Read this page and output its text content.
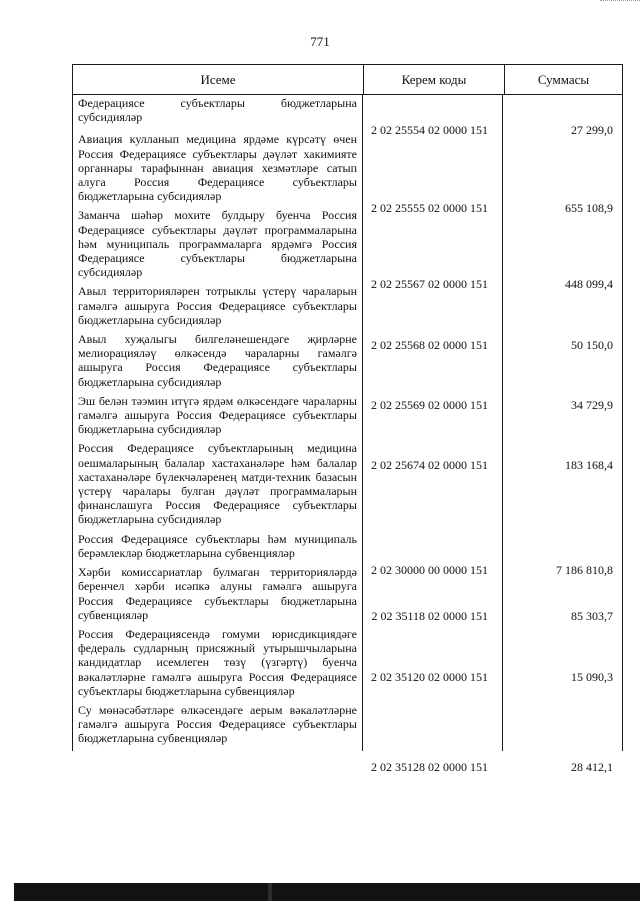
771
Исеме	Керем коды	Суммасы
Федерациясе субъектлары бюджетларына субсидияләр
Авиация кулланып медицина ярдәме күрсәтү өчен Россия Федерациясе субъектлары дәүләт хакимияте органнары тарафыннан авиация хезмәтләре сатып алуга Россия Федерациясе субъектлары бюджетларына субсидияләр
Заманча шәһәр мохите булдыру буенча Россия Федерациясе субъектлары дәүләт программаларына һәм муниципаль программаларга ярдәмгә Россия Федерациясе субъектлары бюджетларына субсидияләр
Авыл территорияләрен тотрыклы үстерү чараларын гамәлгә ашыруга Россия Федерациясе субъектлары бюджетларына субсидияләр
Авыл хуҗалыгы билгеләнешендәге җирләрне мелиорацияләү өлкәсендә чараларны гамәлгә ашыруга Россия Федерациясе субъектлары бюджетларына субсидияләр
Эш белән тәэмин итүгә ярдәм өлкәсендәге чараларны гамәлгә ашыруга Россия Федерациясе субъектлары бюджетларына субсидияләр
Россия Федерациясе субъектларының медицина оешмаларының балалар хастаханәләре һәм балалар хастаханәләре бүлекчәләренең матди-техник базасын үстерү чаралары булган дәүләт программаларын финанслашуга Россия Федерациясе субъектлары бюджетларына субсидияләр
Россия Федерациясе субъектлары һәм муниципаль берәмлекләр бюджетларына субвенцияләр
Хәрби комиссариатлар булмаган территорияләрдә беренчел хәрби исәпкә алуны гамәлгә ашыруга Россия Федерациясе субъектлары бюджетларына субвенцияләр
Россия Федерациясендә гомуми юрисдикциядәге федераль судларның присяжный утырышчыларына кандидатлар исемлеген төзү (үзгәртү) буенча вәкаләтләрне гамәлгә ашыруга Россия Федерациясе субъектлары бюджетларына субвенцияләр
Су мөнәсәбәтләре өлкәсендәге аерым вәкаләтләрне гамәлгә ашыруга Россия Федерациясе субъектлары бюджетларына субвенцияләр
2 02 25554 02 0000 151
2 02 25555 02 0000 151
2 02 25567 02 0000 151
2 02 25568 02 0000 151
2 02 25569 02 0000 151
2 02 25674 02 0000 151
2 02 30000 00 0000 151
2 02 35118 02 0000 151
2 02 35120 02 0000 151
2 02 35128 02 0000 151
27 299,0
655 108,9
448 099,4
50 150,0
34 729,9
183 168,4
7 186 810,8
85 303,7
15 090,3
28 412,1
